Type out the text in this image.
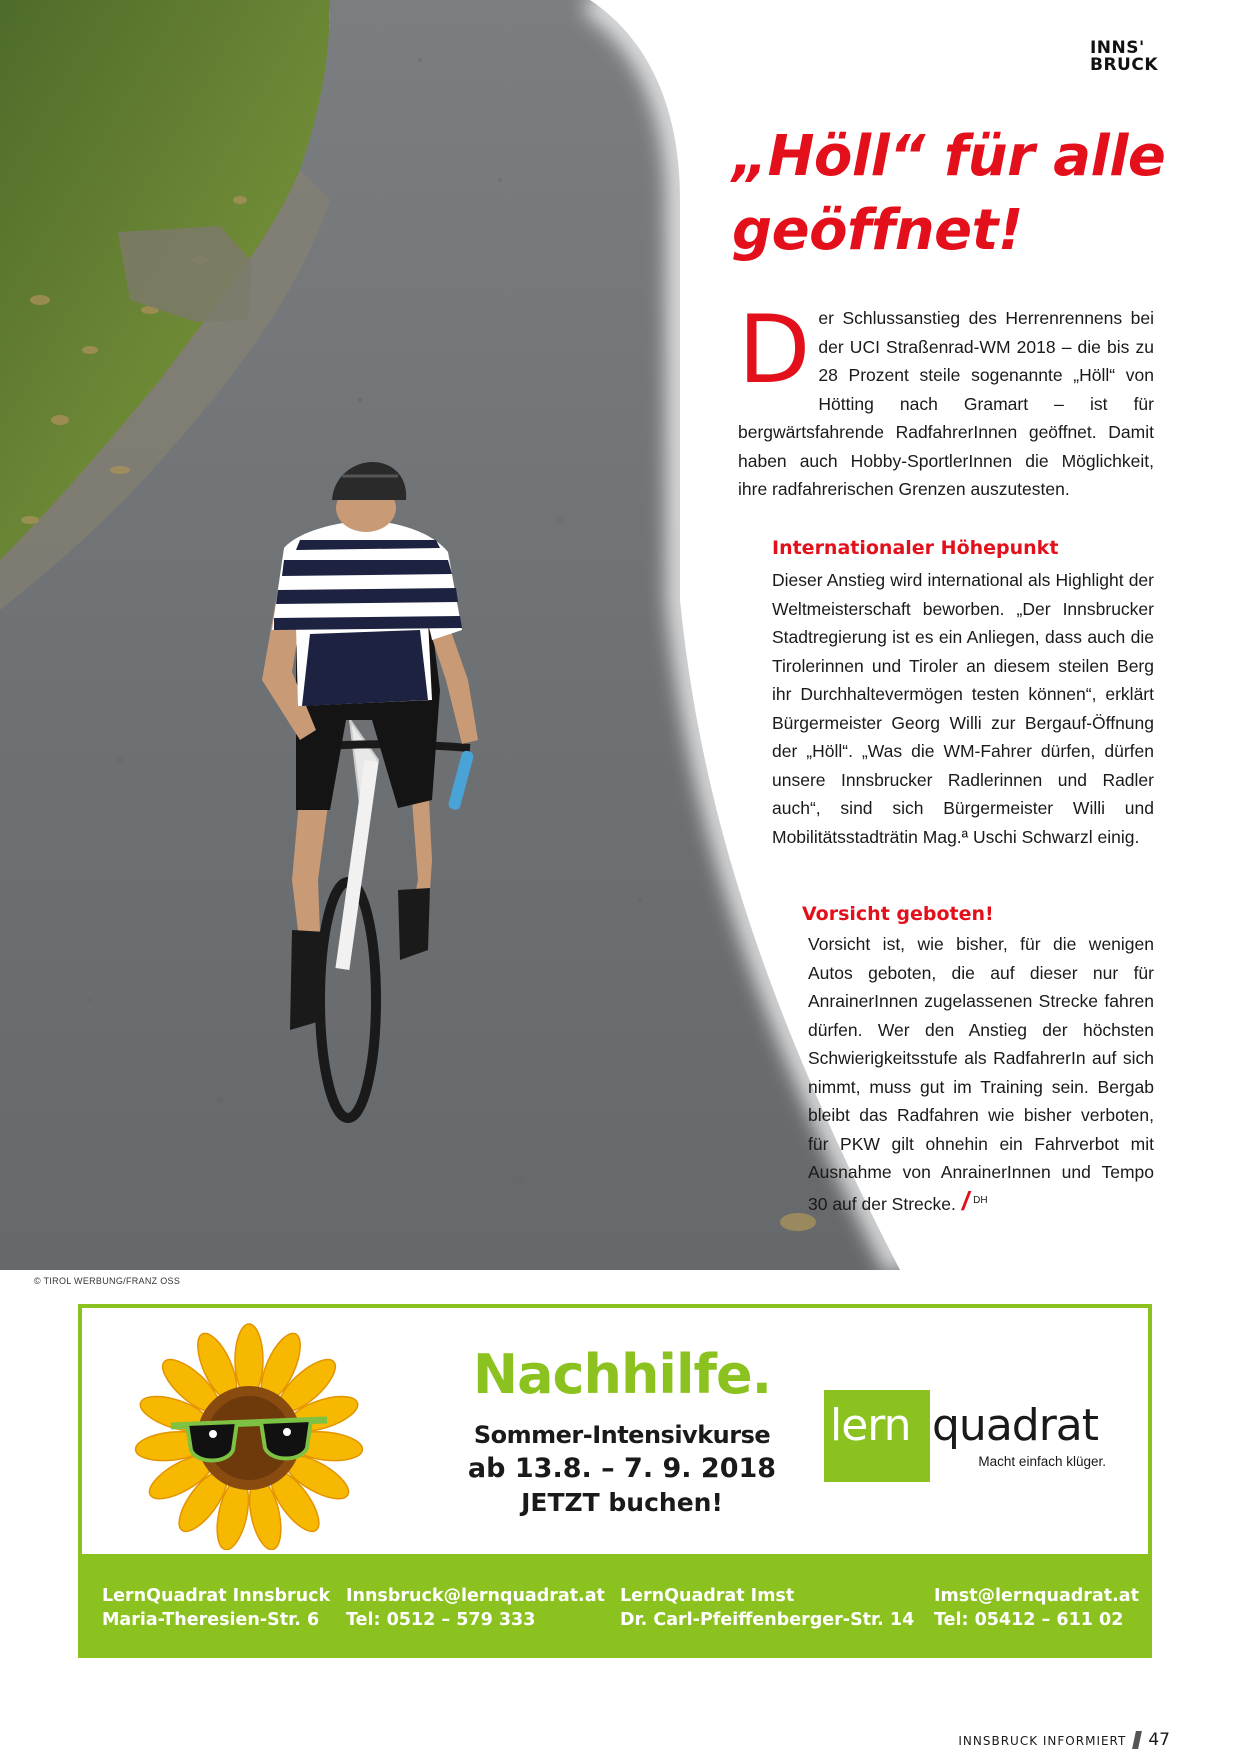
© TIROL WERBUNG/FRANZ OSS
INNS'
BRUCK
„Höll“ für alle geöffnet!
D er Schlussanstieg des Herrenrennens bei der UCI Straßenrad-WM 2018 – die bis zu 28 Prozent steile sogenannte „Höll“ von Hötting nach Gramart – ist für bergwärtsfahrende RadfahrerInnen geöffnet. Damit haben auch Hobby-SportlerInnen die Möglichkeit, ihre radfahrerischen Grenzen auszutesten.
Internationaler Höhepunkt
Dieser Anstieg wird international als Highlight der Weltmeisterschaft beworben. „Der Innsbrucker Stadtregierung ist es ein Anliegen, dass auch die Tirolerinnen und Tiroler an diesem steilen Berg ihr Durchhaltevermögen testen können“, erklärt Bürgermeister Georg Willi zur Bergauf-Öffnung der „Höll“. „Was die WM-Fahrer dürfen, dürfen unsere Innsbrucker Radlerinnen und Radler auch“, sind sich Bürgermeister Willi und Mobilitätsstadträtin Mag.ª Uschi Schwarzl einig.
Vorsicht geboten!
Vorsicht ist, wie bisher, für die wenigen Autos geboten, die auf dieser nur für AnrainerInnen zugelassenen Strecke fahren dürfen. Wer den Anstieg der höchsten Schwierigkeitsstufe als RadfahrerIn auf sich nimmt, muss gut im Training sein. Bergab bleibt das Radfahren wie bisher verboten, für PKW gilt ohnehin ein Fahrverbot mit Ausnahme von AnrainerInnen und Tempo 30 auf der Strecke. / $^{DH}$
Nachhilfe.
Sommer-Intensivkurse
ab 13.8. – 7. 9. 2018
JETZT buchen!
lern quadrat
Macht einfach klüger.
LernQuadrat Innsbruck
Maria-Theresien-Str. 6
Innsbruck@lernquadrat.at
Tel: 0512 – 579 333
LernQuadrat Imst
Dr. Carl-Pfeiffenberger-Str. 14
Imst@lernquadrat.at
Tel: 05412 – 611 02
INNSBRUCK INFORMIERT 47
